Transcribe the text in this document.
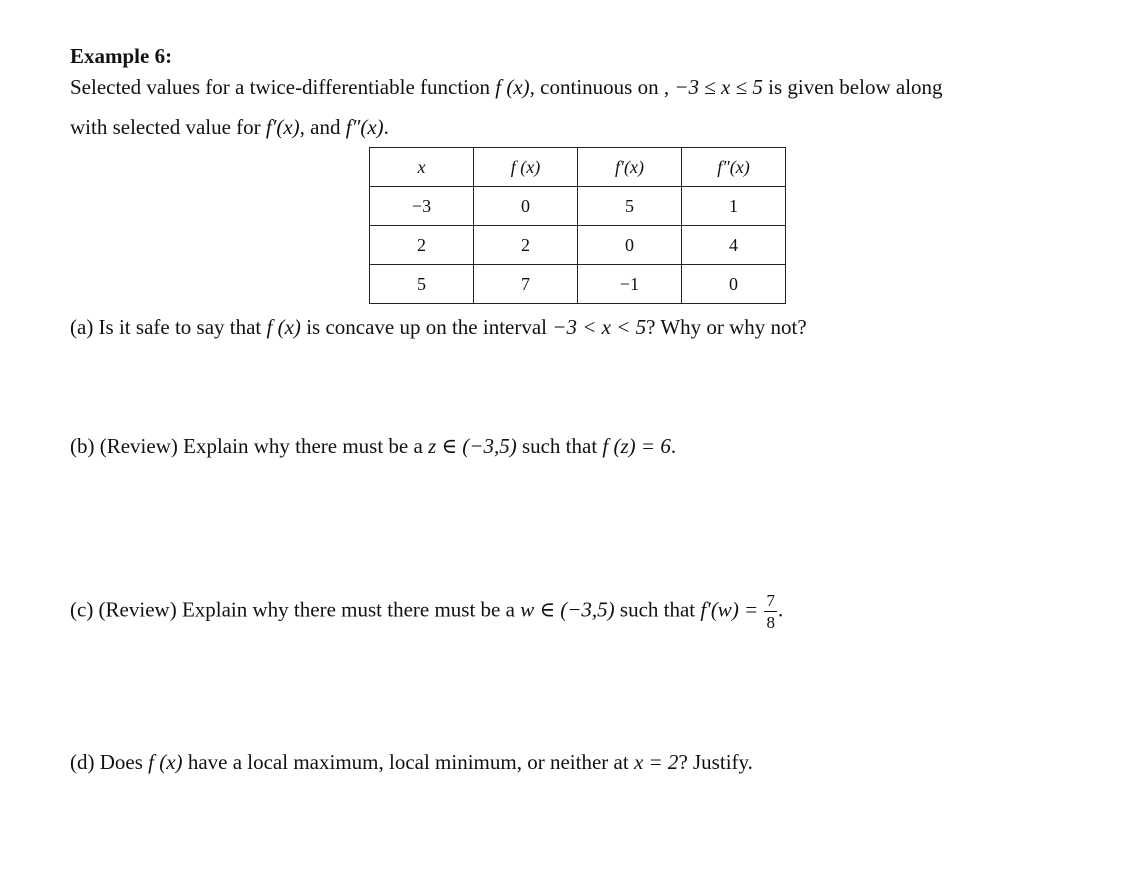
Example 6:
Selected values for a twice-differentiable function f (x), continuous on , −3 ≤ x ≤ 5 is given below along
with selected value for f′(x), and f″(x).
x	f (x)	f′(x)	f″(x)
−3	0	5	1
2	2	0	4
5	7	−1	0
(a) Is it safe to say that f (x) is concave up on the interval −3 < x < 5? Why or why not?
(b) (Review) Explain why there must be a z ∈ (−3,5) such that f (z) = 6.
(c) (Review) Explain why there must there must be a w ∈ (−3,5) such that $f'(w) = \frac{7}{8}$ .
(d) Does f (x) have a local maximum, local minimum, or neither at x = 2? Justify.
